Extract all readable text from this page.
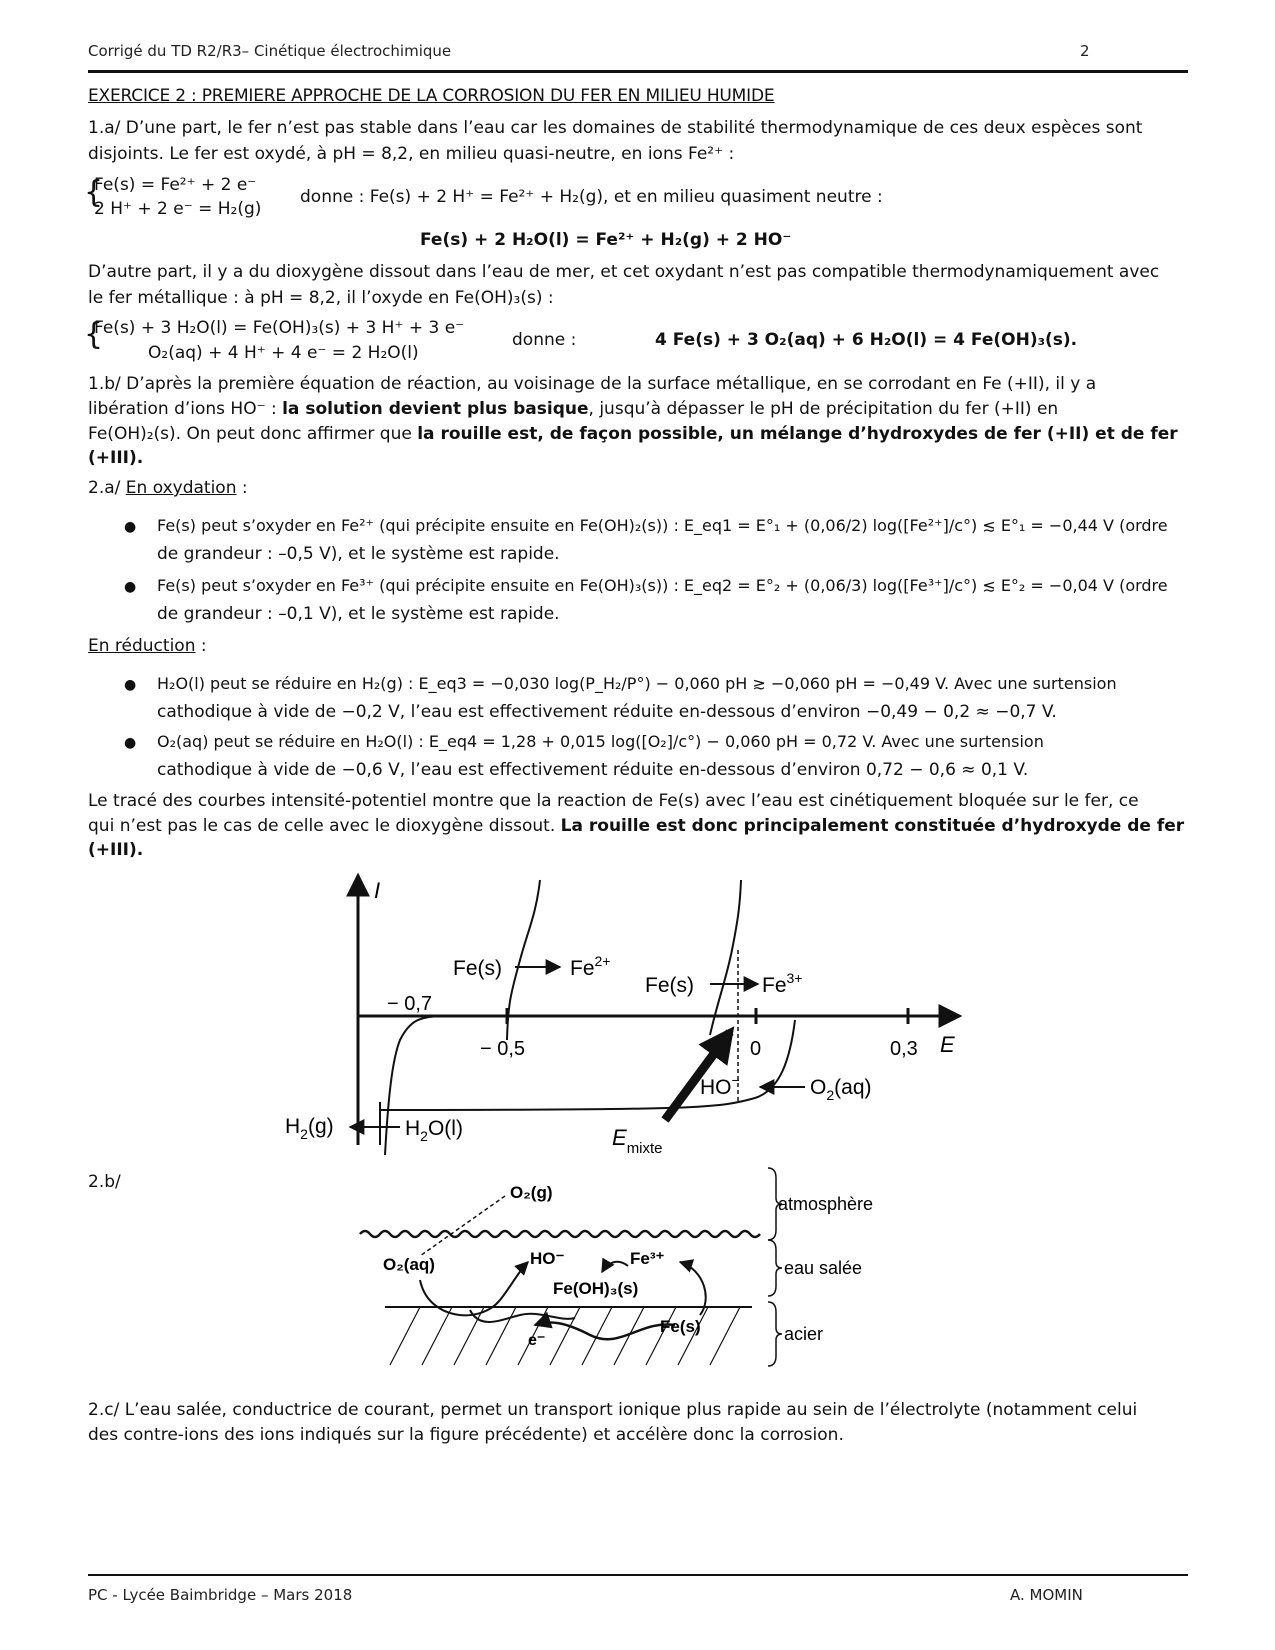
Corrigé du TD R2/R3– Cinétique électrochimique	2
EXERCICE 2 : PREMIERE APPROCHE DE LA CORROSION DU FER EN MILIEU HUMIDE
1.a/ D’une part, le fer n’est pas stable dans l’eau car les domaines de stabilité thermodynamique de ces deux espèces sont
disjoints. Le fer est oxydé, à pH = 8,2, en milieu quasi-neutre, en ions Fe²⁺ :
{
Fe(s) = Fe²⁺ + 2 e⁻
2 H⁺ + 2 e⁻ = H₂(g)
donne : Fe(s) + 2 H⁺ = Fe²⁺ + H₂(g), et en milieu quasiment neutre :
Fe(s) + 2 H₂O(l) = Fe²⁺ + H₂(g) + 2 HO⁻
D’autre part, il y a du dioxygène dissout dans l’eau de mer, et cet oxydant n’est pas compatible thermodynamiquement avec
le fer métallique : à pH = 8,2, il l’oxyde en Fe(OH)₃(s) :
{
Fe(s) + 3 H₂O(l) = Fe(OH)₃(s) + 3 H⁺ + 3 e⁻
O₂(aq) + 4 H⁺ + 4 e⁻ = 2 H₂O(l)
donne :	4 Fe(s) + 3 O₂(aq) + 6 H₂O(l) = 4 Fe(OH)₃(s).
1.b/ D’après la première équation de réaction, au voisinage de la surface métallique, en se corrodant en Fe (+II), il y a
libération d’ions HO⁻ : la solution devient plus basique, jusqu’à dépasser le pH de précipitation du fer (+II) en
Fe(OH)₂(s). On peut donc affirmer que la rouille est, de façon possible, un mélange d’hydroxydes de fer (+II) et de fer
(+III).
2.a/ En oxydation :
● Fe(s) peut s’oxyder en Fe²⁺ (qui précipite ensuite en Fe(OH)₂(s)) : E_eq1 = E°₁ + (0,06/2) log([Fe²⁺]/c°) ≲ E°₁ = −0,44 V (ordre
de grandeur : –0,5 V), et le système est rapide.
● Fe(s) peut s’oxyder en Fe³⁺ (qui précipite ensuite en Fe(OH)₃(s)) : E_eq2 = E°₂ + (0,06/3) log([Fe³⁺]/c°) ≲ E°₂ = −0,04 V (ordre
de grandeur : –0,1 V), et le système est rapide.
En réduction :
● H₂O(l) peut se réduire en H₂(g) : E_eq3 = −0,030 log(P_H₂/P°) − 0,060 pH ≳ −0,060 pH = −0,49 V. Avec une surtension
cathodique à vide de −0,2 V, l’eau est effectivement réduite en-dessous d’environ −0,49 − 0,2 ≈ −0,7 V.
● O₂(aq) peut se réduire en H₂O(l) : E_eq4 = 1,28 + 0,015 log([O₂]/c°) − 0,060 pH = 0,72 V. Avec une surtension
cathodique à vide de −0,6 V, l’eau est effectivement réduite en-dessous d’environ 0,72 − 0,6 ≈ 0,1 V.
Le tracé des courbes intensité-potentiel montre que la reaction de Fe(s) avec l’eau est cinétiquement bloquée sur le fer, ce
qui n’est pas le cas de celle avec le dioxygène dissout. La rouille est donc principalement constituée d’hydroxyde de fer
(+III).
I
E
− 0,7
− 0,5	0	0,3
Fe(s)	$Fe^{2+}$
Fe(s)	$Fe^{3+}$
$H_2(g)$	$H_2O(l)$
HO−	$O_2(aq)$
$E_{mixte}$
2.b/
O₂(g)
O₂(aq)	HO⁻	Fe³⁺
Fe(OH)₃(s)
e⁻
Fe(s)
atmosphère
eau salée
acier
2.c/ L’eau salée, conductrice de courant, permet un transport ionique plus rapide au sein de l’électrolyte (notamment celui
des contre-ions des ions indiqués sur la figure précédente) et accélère donc la corrosion.
PC - Lycée Baimbridge – Mars 2018	A. MOMIN
